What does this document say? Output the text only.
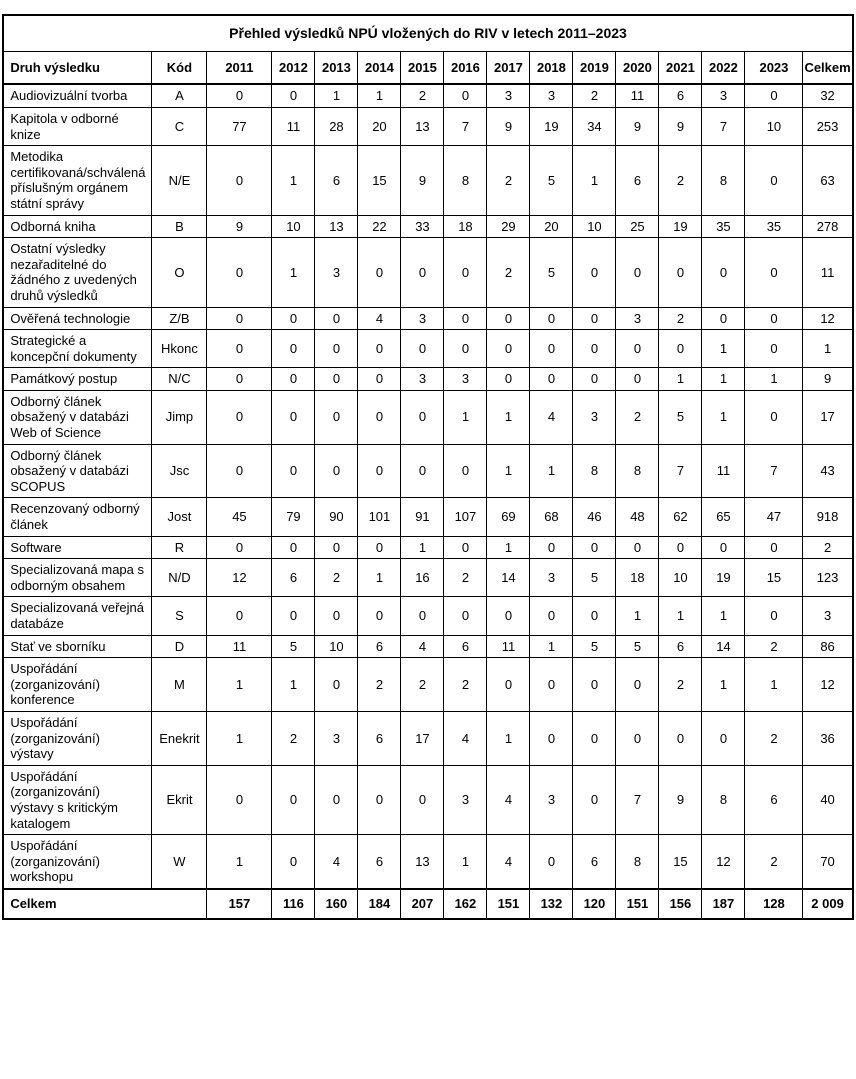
Přehled výsledků NPÚ vložených do RIV v letech 2011–2023															
Druh výsledku	Kód	2011	2012	2013	2014	2015	2016	2017	2018	2019	2020	2021	2022	2023	Celkem
Audiovizuální tvorba	A	0	0	1	1	2	0	3	3	2	11	6	3	0	32
Kapitola v odborné knize	C	77	11	28	20	13	7	9	19	34	9	9	7	10	253
Metodika certifikovaná/schválená příslušným orgánem státní správy	N/E	0	1	6	15	9	8	2	5	1	6	2	8	0	63
Odborná kniha	B	9	10	13	22	33	18	29	20	10	25	19	35	35	278
Ostatní výsledky nezařaditelné do žádného z uvedených druhů výsledků	O	0	1	3	0	0	0	2	5	0	0	0	0	0	11
Ověřená technologie	Z/B	0	0	0	4	3	0	0	0	0	3	2	0	0	12
Strategické a koncepční dokumenty	Hkonc	0	0	0	0	0	0	0	0	0	0	0	1	0	1
Památkový postup	N/C	0	0	0	0	3	3	0	0	0	0	1	1	1	9
Odborný článek obsažený v databázi Web of Science	Jimp	0	0	0	0	0	1	1	4	3	2	5	1	0	17
Odborný článek obsažený v databázi SCOPUS	Jsc	0	0	0	0	0	0	1	1	8	8	7	11	7	43
Recenzovaný odborný článek	Jost	45	79	90	101	91	107	69	68	46	48	62	65	47	918
Software	R	0	0	0	0	1	0	1	0	0	0	0	0	0	2
Specializovaná mapa s odborným obsahem	N/D	12	6	2	1	16	2	14	3	5	18	10	19	15	123
Specializovaná veřejná databáze	S	0	0	0	0	0	0	0	0	0	1	1	1	0	3
Stať ve sborníku	D	11	5	10	6	4	6	11	1	5	5	6	14	2	86
Uspořádání (zorganizování) konference	M	1	1	0	2	2	2	0	0	0	0	2	1	1	12
Uspořádání (zorganizování) výstavy	Enekrit	1	2	3	6	17	4	1	0	0	0	0	0	2	36
Uspořádání (zorganizování) výstavy s kritickým katalogem	Ekrit	0	0	0	0	0	3	4	3	0	7	9	8	6	40
Uspořádání (zorganizování) workshopu	W	1	0	4	6	13	1	4	0	6	8	15	12	2	70
Celkem		157	116	160	184	207	162	151	132	120	151	156	187	128	2 009
